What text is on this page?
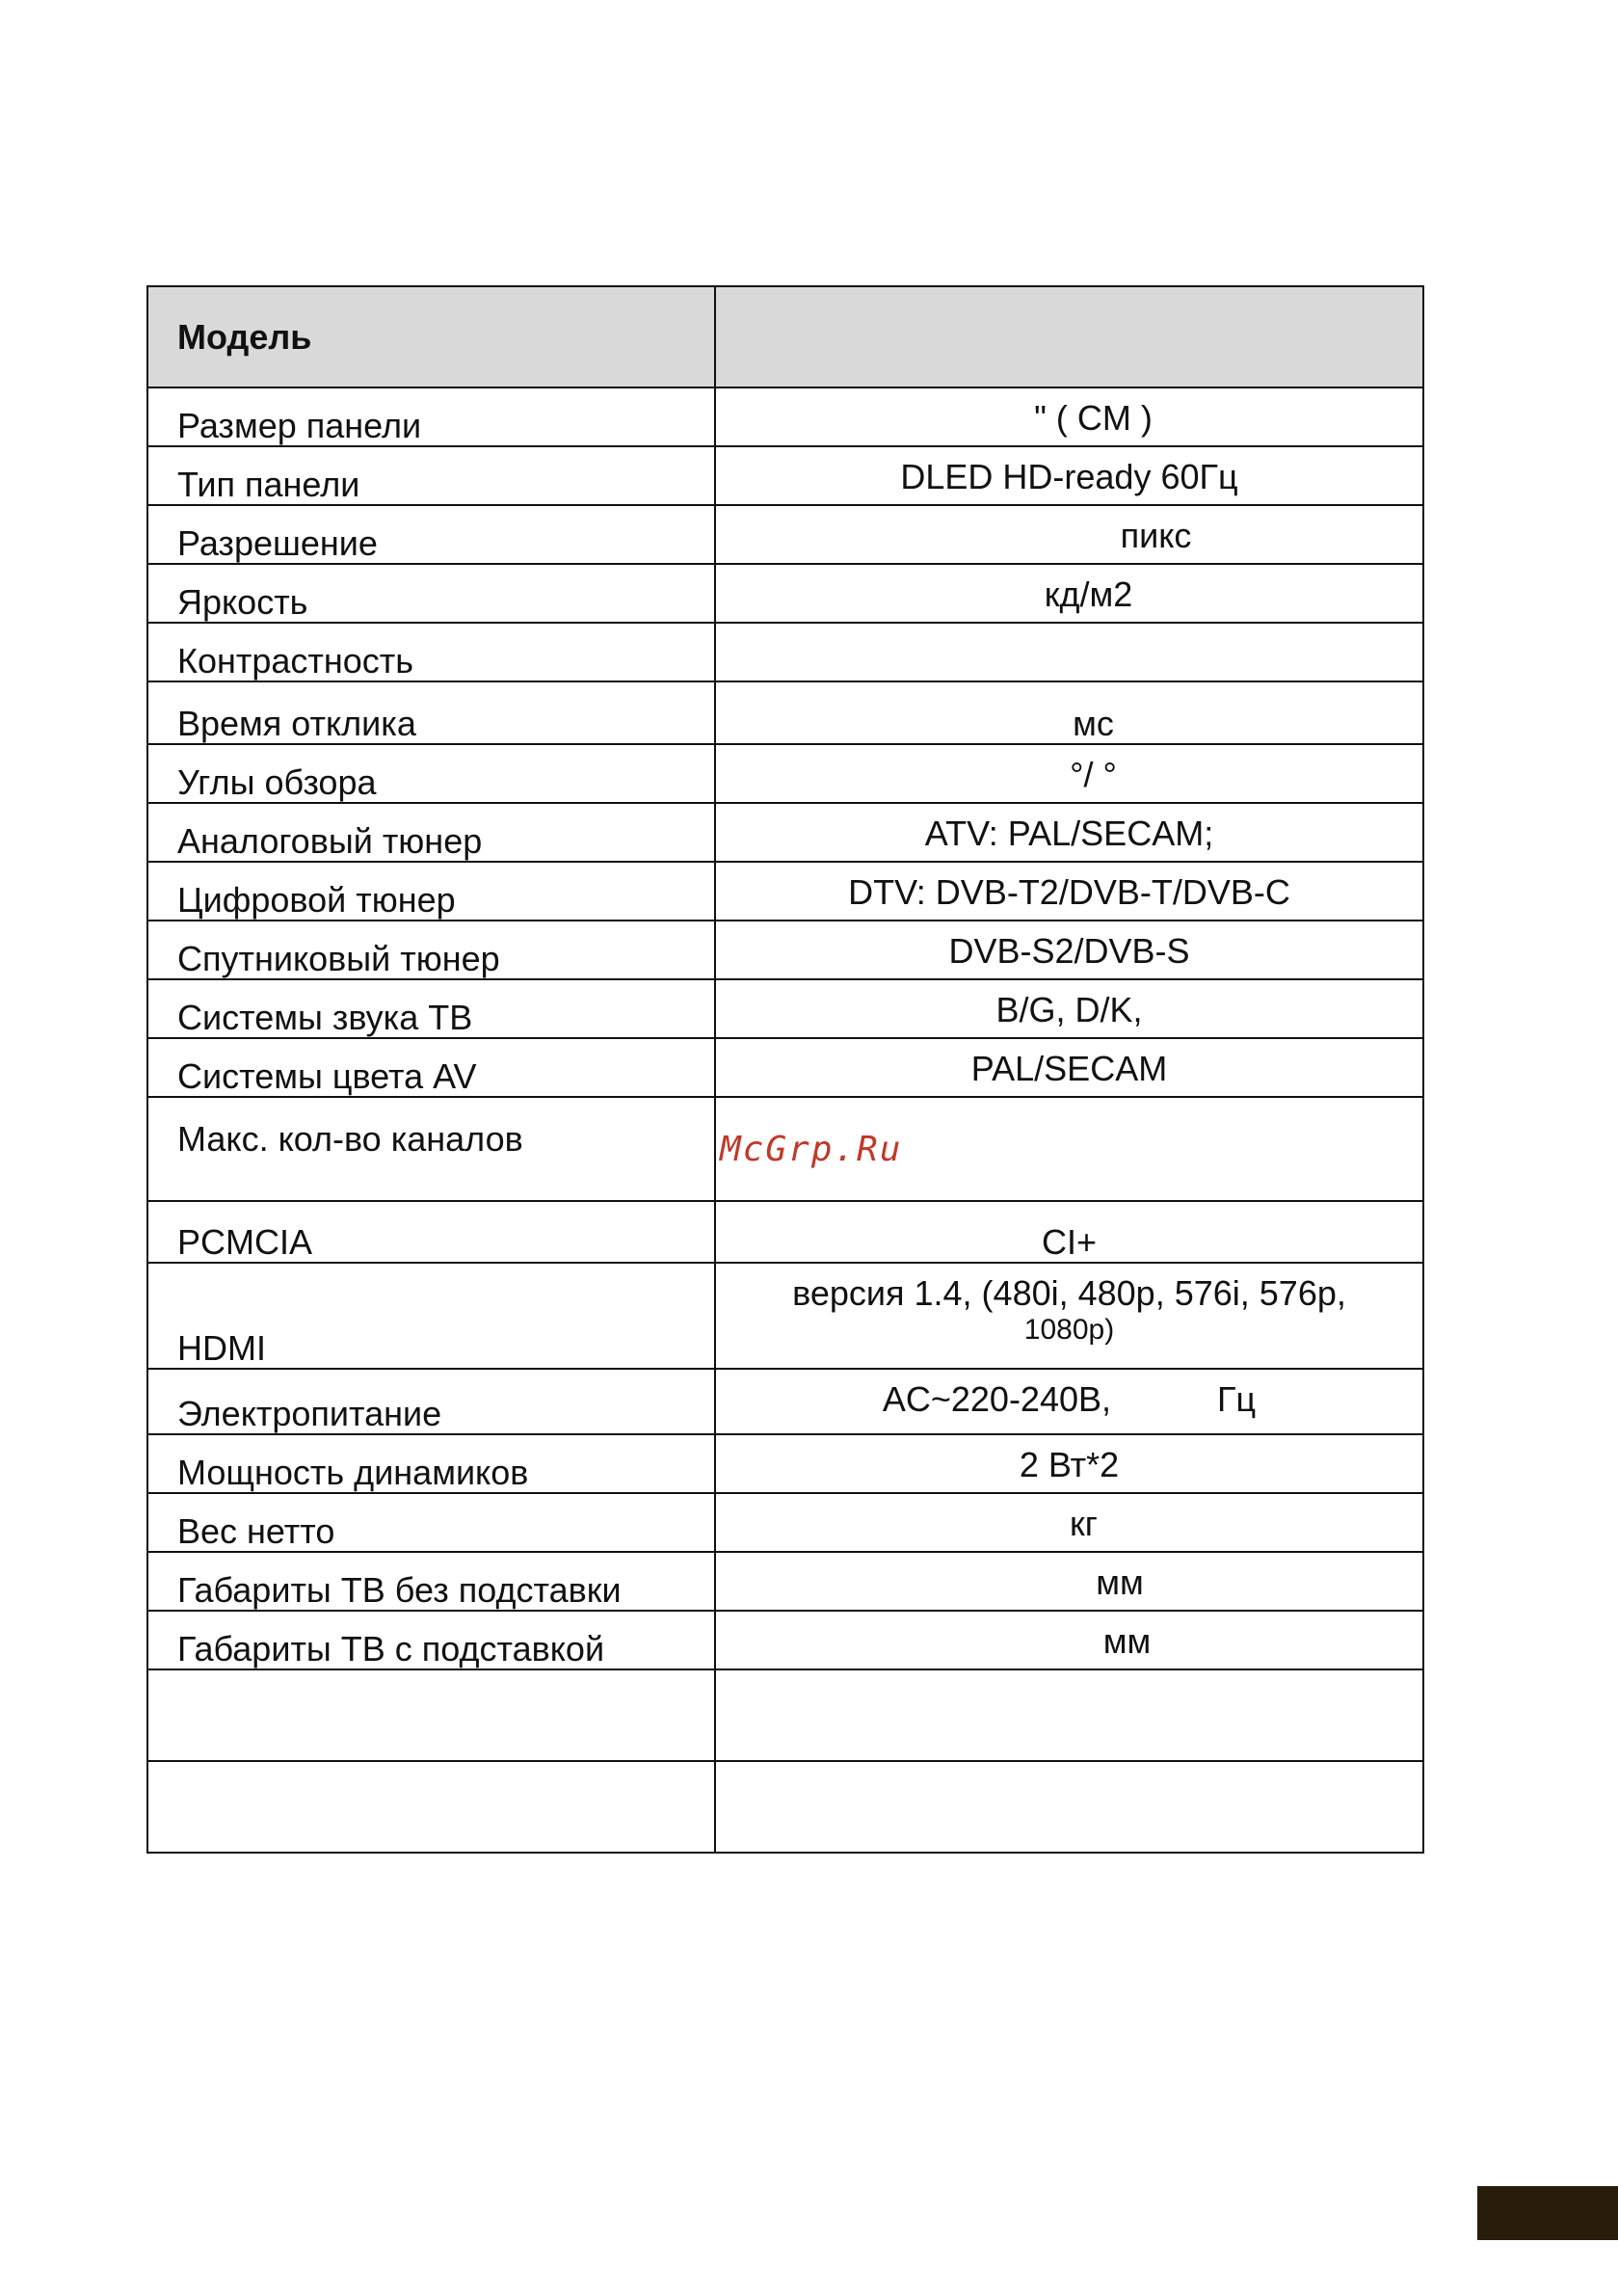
Модель	
Размер панели	" ( CM )
Тип панели	DLED HD-ready 60Гц
Разрешение	пикс
Яркость	кд/м2
Контрастность	
Время отклика	мс
Углы обзора	°/ °
Аналоговый тюнер	ATV: PAL/SECAM;
Цифровой тюнер	DTV: DVB-T2/DVB-T/DVB-C
Спутниковый тюнер	DVB-S2/DVB-S
Системы звука ТВ	B/G, D/K,
Системы цвета AV	PAL/SECAM
Макс. кол-во каналов	McGrp.Ru
PCMCIA	CI+
HDMI	версия 1.4, (480i, 480p, 576i, 576p,
1080p)

Электропитание	AC~220-240В,           Гц
Мощность динамиков	2 Вт*2
Вес нетто	кг
Габариты ТВ без подставки	мм
Габариты ТВ с подставкой	мм
